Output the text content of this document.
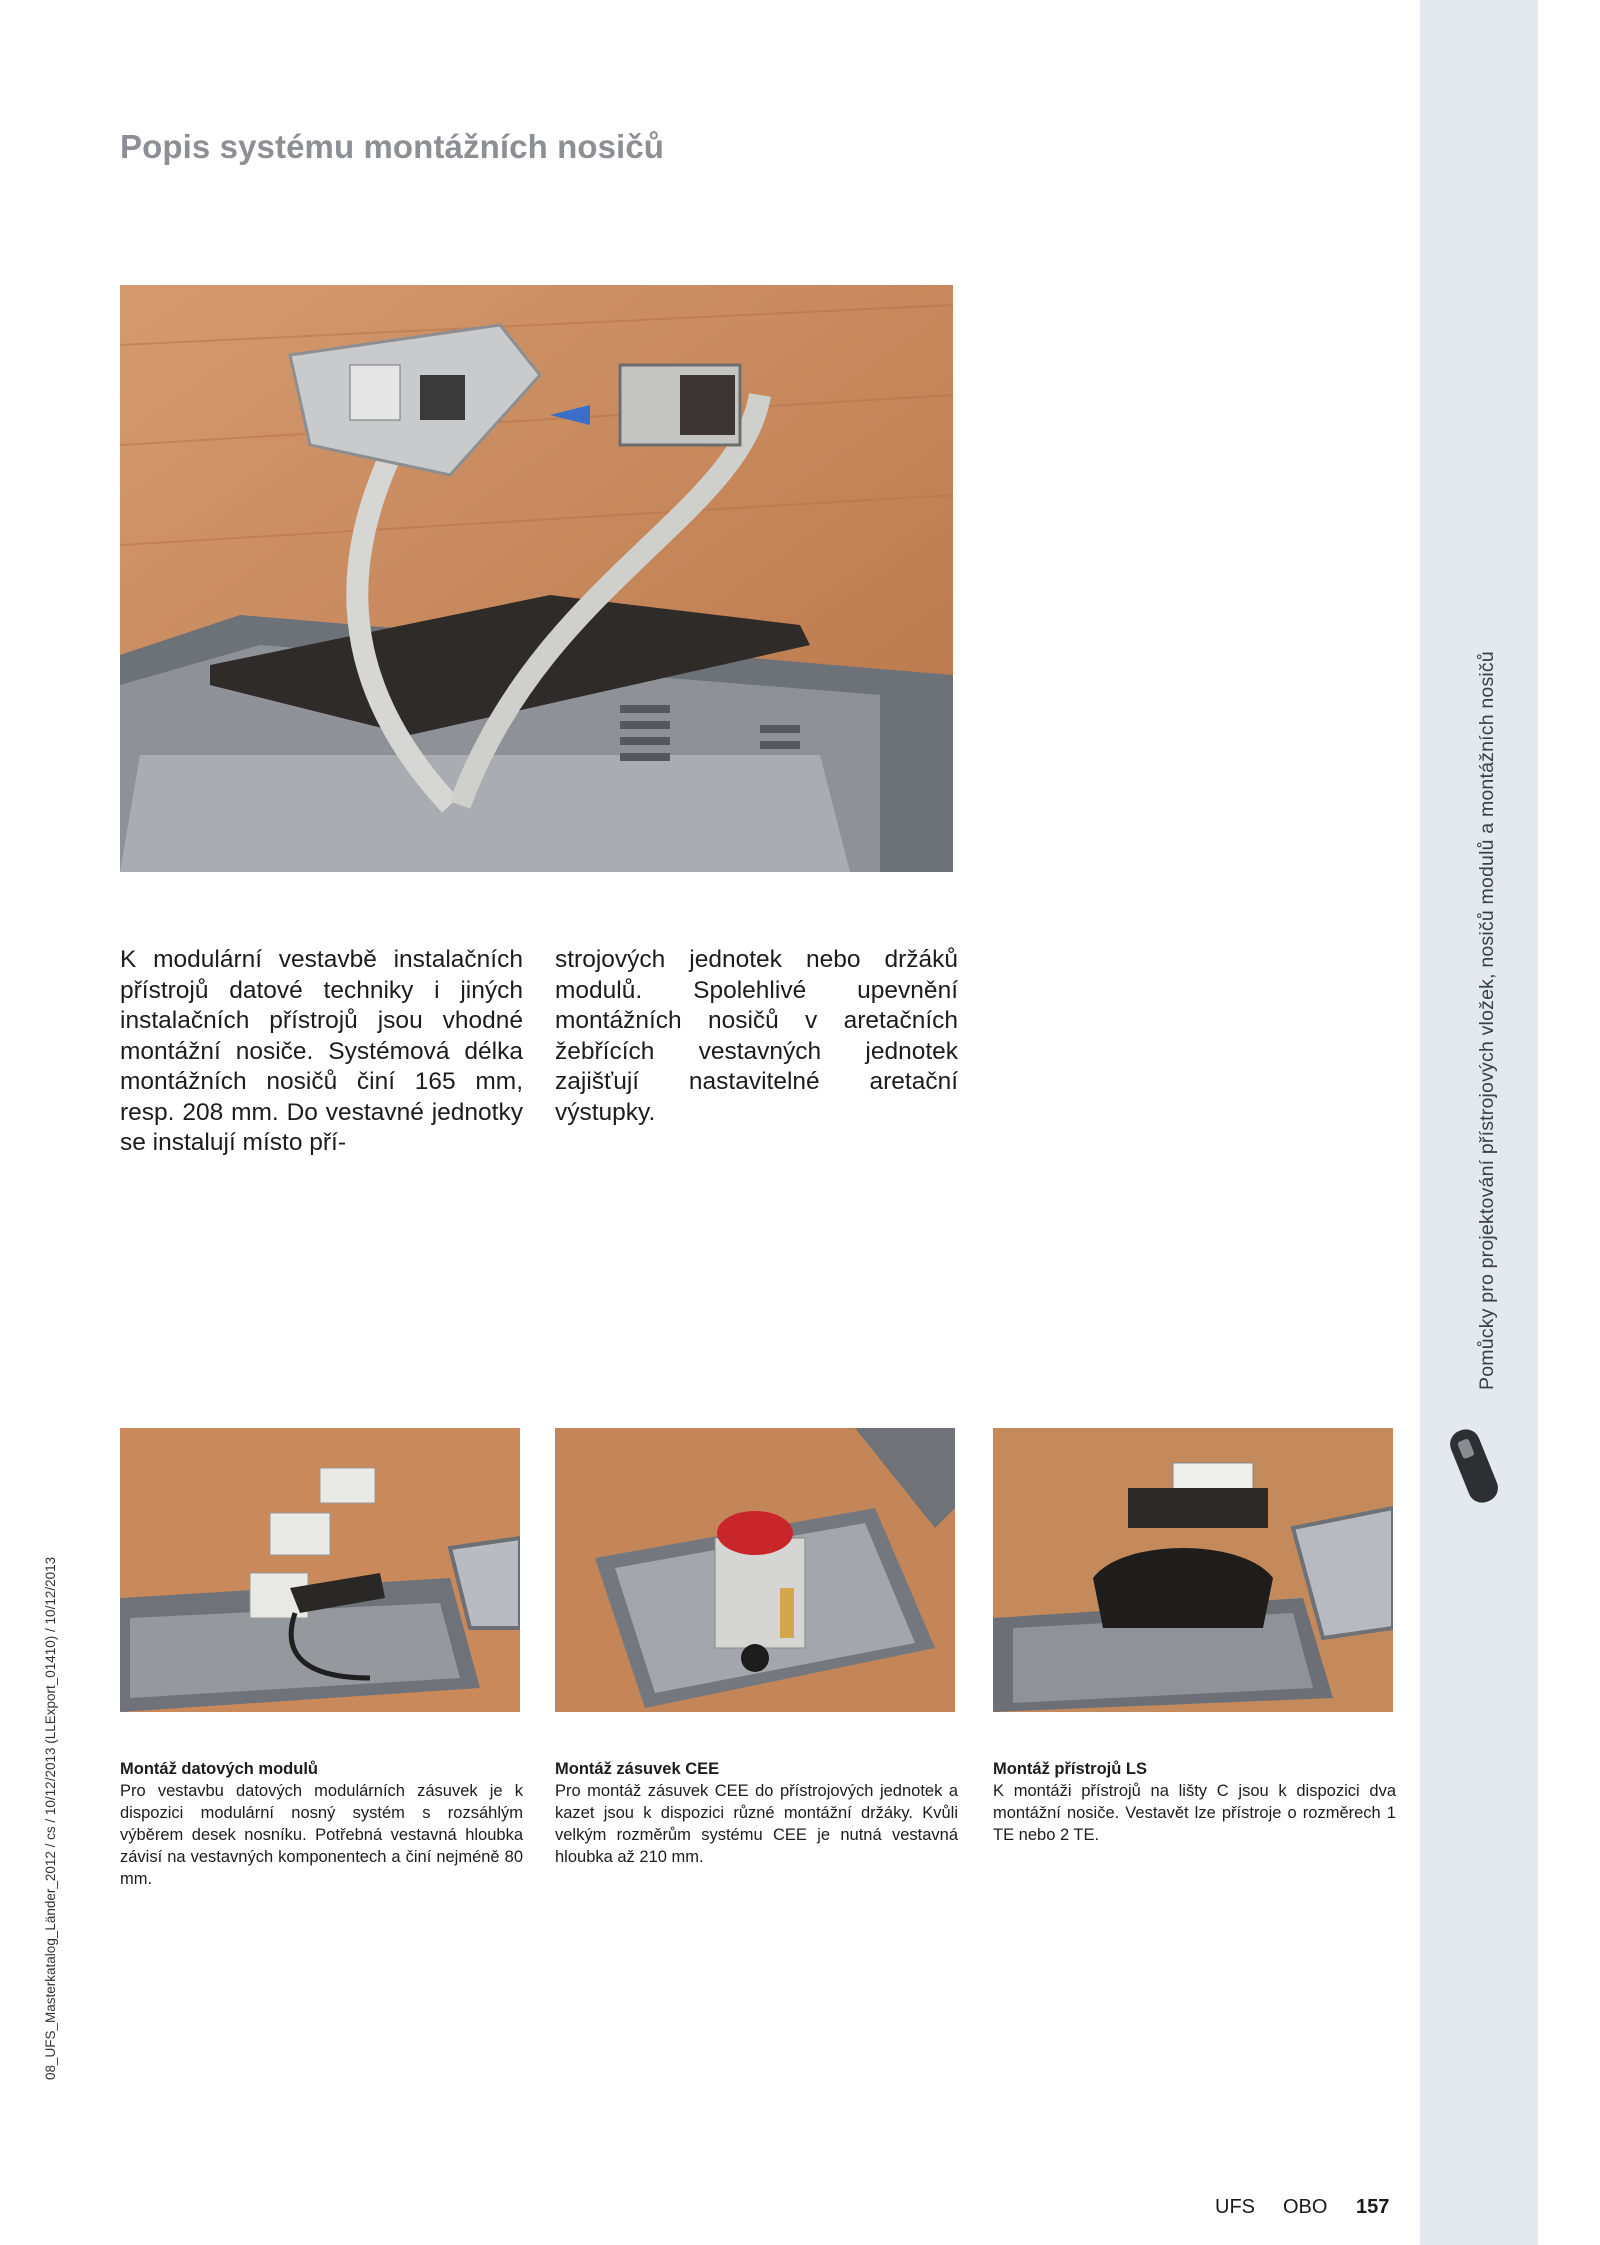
Pomůcky pro projektování přístrojových vložek, nosičů modulů a montážních nosičů
08_UFS_Masterkatalog_Länder_2012 / cs / 10/12/2013 (LLExport_01410) / 10/12/2013
Popis systému montážních nosičů
K modulární vestavbě instalačních přístrojů datové techniky i jiných instalačních přístrojů jsou vhodné montážní nosiče. Systémová délka montážních nosičů činí 165 mm, resp. 208 mm. Do vestavné jednotky se instalují místo pří-
strojových jednotek nebo držáků modulů. Spolehlivé upevnění montážních nosičů v aretačních žebřících vestavných jednotek zajišťují nastavitelné aretační výstupky.
Montáž datových modulů
Pro vestavbu datových modulárních zásuvek je k dispozici modulární nosný systém s rozsáhlým výběrem desek nosníku. Potřebná vestavná hloubka závisí na vestavných komponentech a činí nejméně 80 mm.
Montáž zásuvek CEE
Pro montáž zásuvek CEE do přístrojových jednotek a kazet jsou k dispozici různé montážní držáky. Kvůli velkým rozměrům systému CEE je nutná vestavná hloubka až 210 mm.
Montáž přístrojů LS
K montáži přístrojů na lišty C jsou k dispozici dva montážní nosiče. Vestavět lze přístroje o rozměrech 1 TE nebo 2 TE.
UFS OBO 157
